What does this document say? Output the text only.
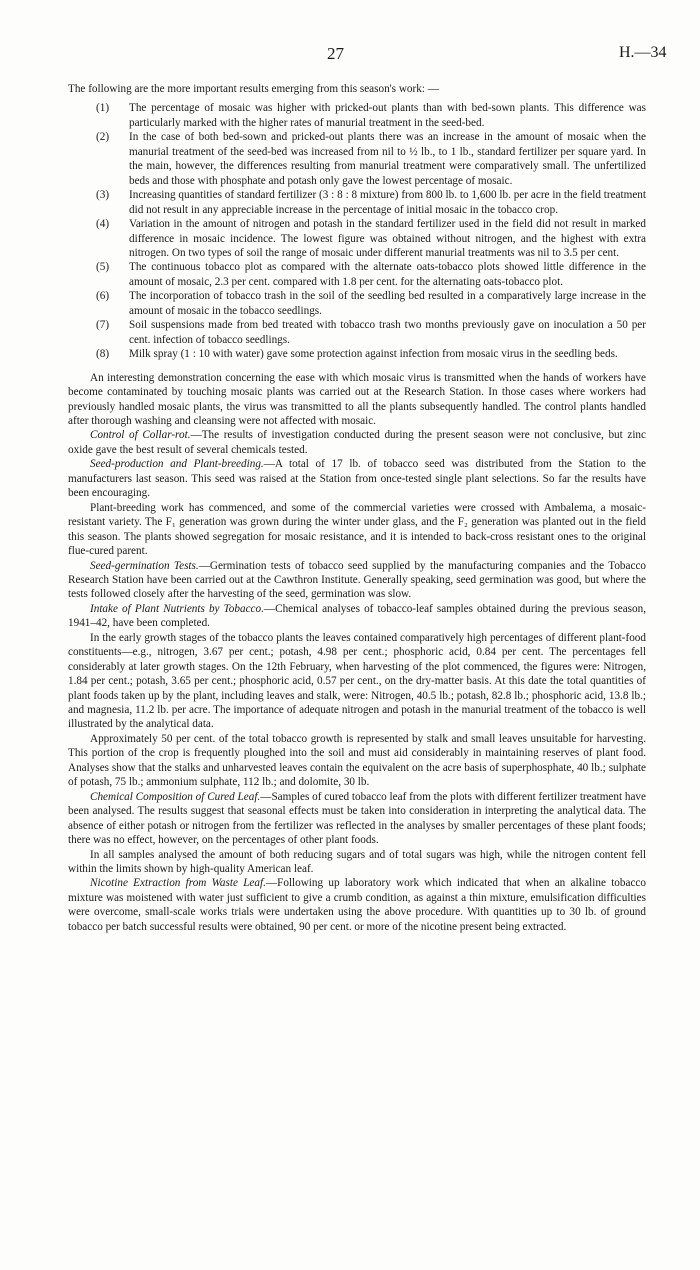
27	H.—34

The following are the more important results emerging from this season's work: —

(1) The percentage of mosaic was higher with pricked-out plants than with bed-sown plants. This difference was particularly marked with the higher rates of manurial treatment in the seed-bed.
(2) In the case of both bed-sown and pricked-out plants there was an increase in the amount of mosaic when the manurial treatment of the seed-bed was increased from nil to ½ lb., to 1 lb., standard fertilizer per square yard. In the main, however, the differences resulting from manurial treatment were comparatively small. The unfertilized beds and those with phosphate and potash only gave the lowest percentage of mosaic.
(3) Increasing quantities of standard fertilizer (3 : 8 : 8 mixture) from 800 lb. to 1,600 lb. per acre in the field treatment did not result in any appreciable increase in the percentage of initial mosaic in the tobacco crop.
(4) Variation in the amount of nitrogen and potash in the standard fertilizer used in the field did not result in marked difference in mosaic incidence. The lowest figure was obtained without nitrogen, and the highest with extra nitrogen. On two types of soil the range of mosaic under different manurial treatments was nil to 3.5 per cent.
(5) The continuous tobacco plot as compared with the alternate oats-tobacco plots showed little difference in the amount of mosaic, 2.3 per cent. compared with 1.8 per cent. for the alternating oats-tobacco plot.
(6) The incorporation of tobacco trash in the soil of the seedling bed resulted in a comparatively large increase in the amount of mosaic in the tobacco seedlings.
(7) Soil suspensions made from bed treated with tobacco trash two months previously gave on inoculation a 50 per cent. infection of tobacco seedlings.
(8) Milk spray (1 : 10 with water) gave some protection against infection from mosaic virus in the seedling beds.

An interesting demonstration concerning the ease with which mosaic virus is transmitted when the hands of workers have become contaminated by touching mosaic plants was carried out at the Research Station. In those cases where workers had previously handled mosaic plants, the virus was transmitted to all the plants subsequently handled. The control plants handled after thorough washing and cleansing were not affected with mosaic.

Control of Collar-rot.—The results of investigation conducted during the present season were not conclusive, but zinc oxide gave the best result of several chemicals tested.

Seed-production and Plant-breeding.—A total of 17 lb. of tobacco seed was distributed from the Station to the manufacturers last season. This seed was raised at the Station from once-tested single plant selections. So far the results have been encouraging.

Plant-breeding work has commenced, and some of the commercial varieties were crossed with Ambalema, a mosaic-resistant variety. The F₁ generation was grown during the winter under glass, and the F₂ generation was planted out in the field this season. The plants showed segregation for mosaic resistance, and it is intended to back-cross resistant ones to the original flue-cured parent.

Seed-germination Tests.—Germination tests of tobacco seed supplied by the manufacturing companies and the Tobacco Research Station have been carried out at the Cawthron Institute. Generally speaking, seed germination was good, but where the tests followed closely after the harvesting of the seed, germination was slow.

Intake of Plant Nutrients by Tobacco.—Chemical analyses of tobacco-leaf samples obtained during the previous season, 1941–42, have been completed.

In the early growth stages of the tobacco plants the leaves contained comparatively high percentages of different plant-food constituents—e.g., nitrogen, 3.67 per cent.; potash, 4.98 per cent.; phosphoric acid, 0.84 per cent. The percentages fell considerably at later growth stages. On the 12th February, when harvesting of the plot commenced, the figures were: Nitrogen, 1.84 per cent.; potash, 3.65 per cent.; phosphoric acid, 0.57 per cent., on the dry-matter basis. At this date the total quantities of plant foods taken up by the plant, including leaves and stalk, were: Nitrogen, 40.5 lb.; potash, 82.8 lb.; phosphoric acid, 13.8 lb.; and magnesia, 11.2 lb. per acre. The importance of adequate nitrogen and potash in the manurial treatment of the tobacco is well illustrated by the analytical data.

Approximately 50 per cent. of the total tobacco growth is represented by stalk and small leaves unsuitable for harvesting. This portion of the crop is frequently ploughed into the soil and must aid considerably in maintaining reserves of plant food. Analyses show that the stalks and unharvested leaves contain the equivalent on the acre basis of superphosphate, 40 lb.; sulphate of potash, 75 lb.; ammonium sulphate, 112 lb.; and dolomite, 30 lb.

Chemical Composition of Cured Leaf.—Samples of cured tobacco leaf from the plots with different fertilizer treatment have been analysed. The results suggest that seasonal effects must be taken into consideration in interpreting the analytical data. The absence of either potash or nitrogen from the fertilizer was reflected in the analyses by smaller percentages of these plant foods; there was no effect, however, on the percentages of other plant foods.

In all samples analysed the amount of both reducing sugars and of total sugars was high, while the nitrogen content fell within the limits shown by high-quality American leaf.

Nicotine Extraction from Waste Leaf.—Following up laboratory work which indicated that when an alkaline tobacco mixture was moistened with water just sufficient to give a crumb condition, as against a thin mixture, emulsification difficulties were overcome, small-scale works trials were undertaken using the above procedure. With quantities up to 30 lb. of ground tobacco per batch successful results were obtained, 90 per cent. or more of the nicotine present being extracted.
